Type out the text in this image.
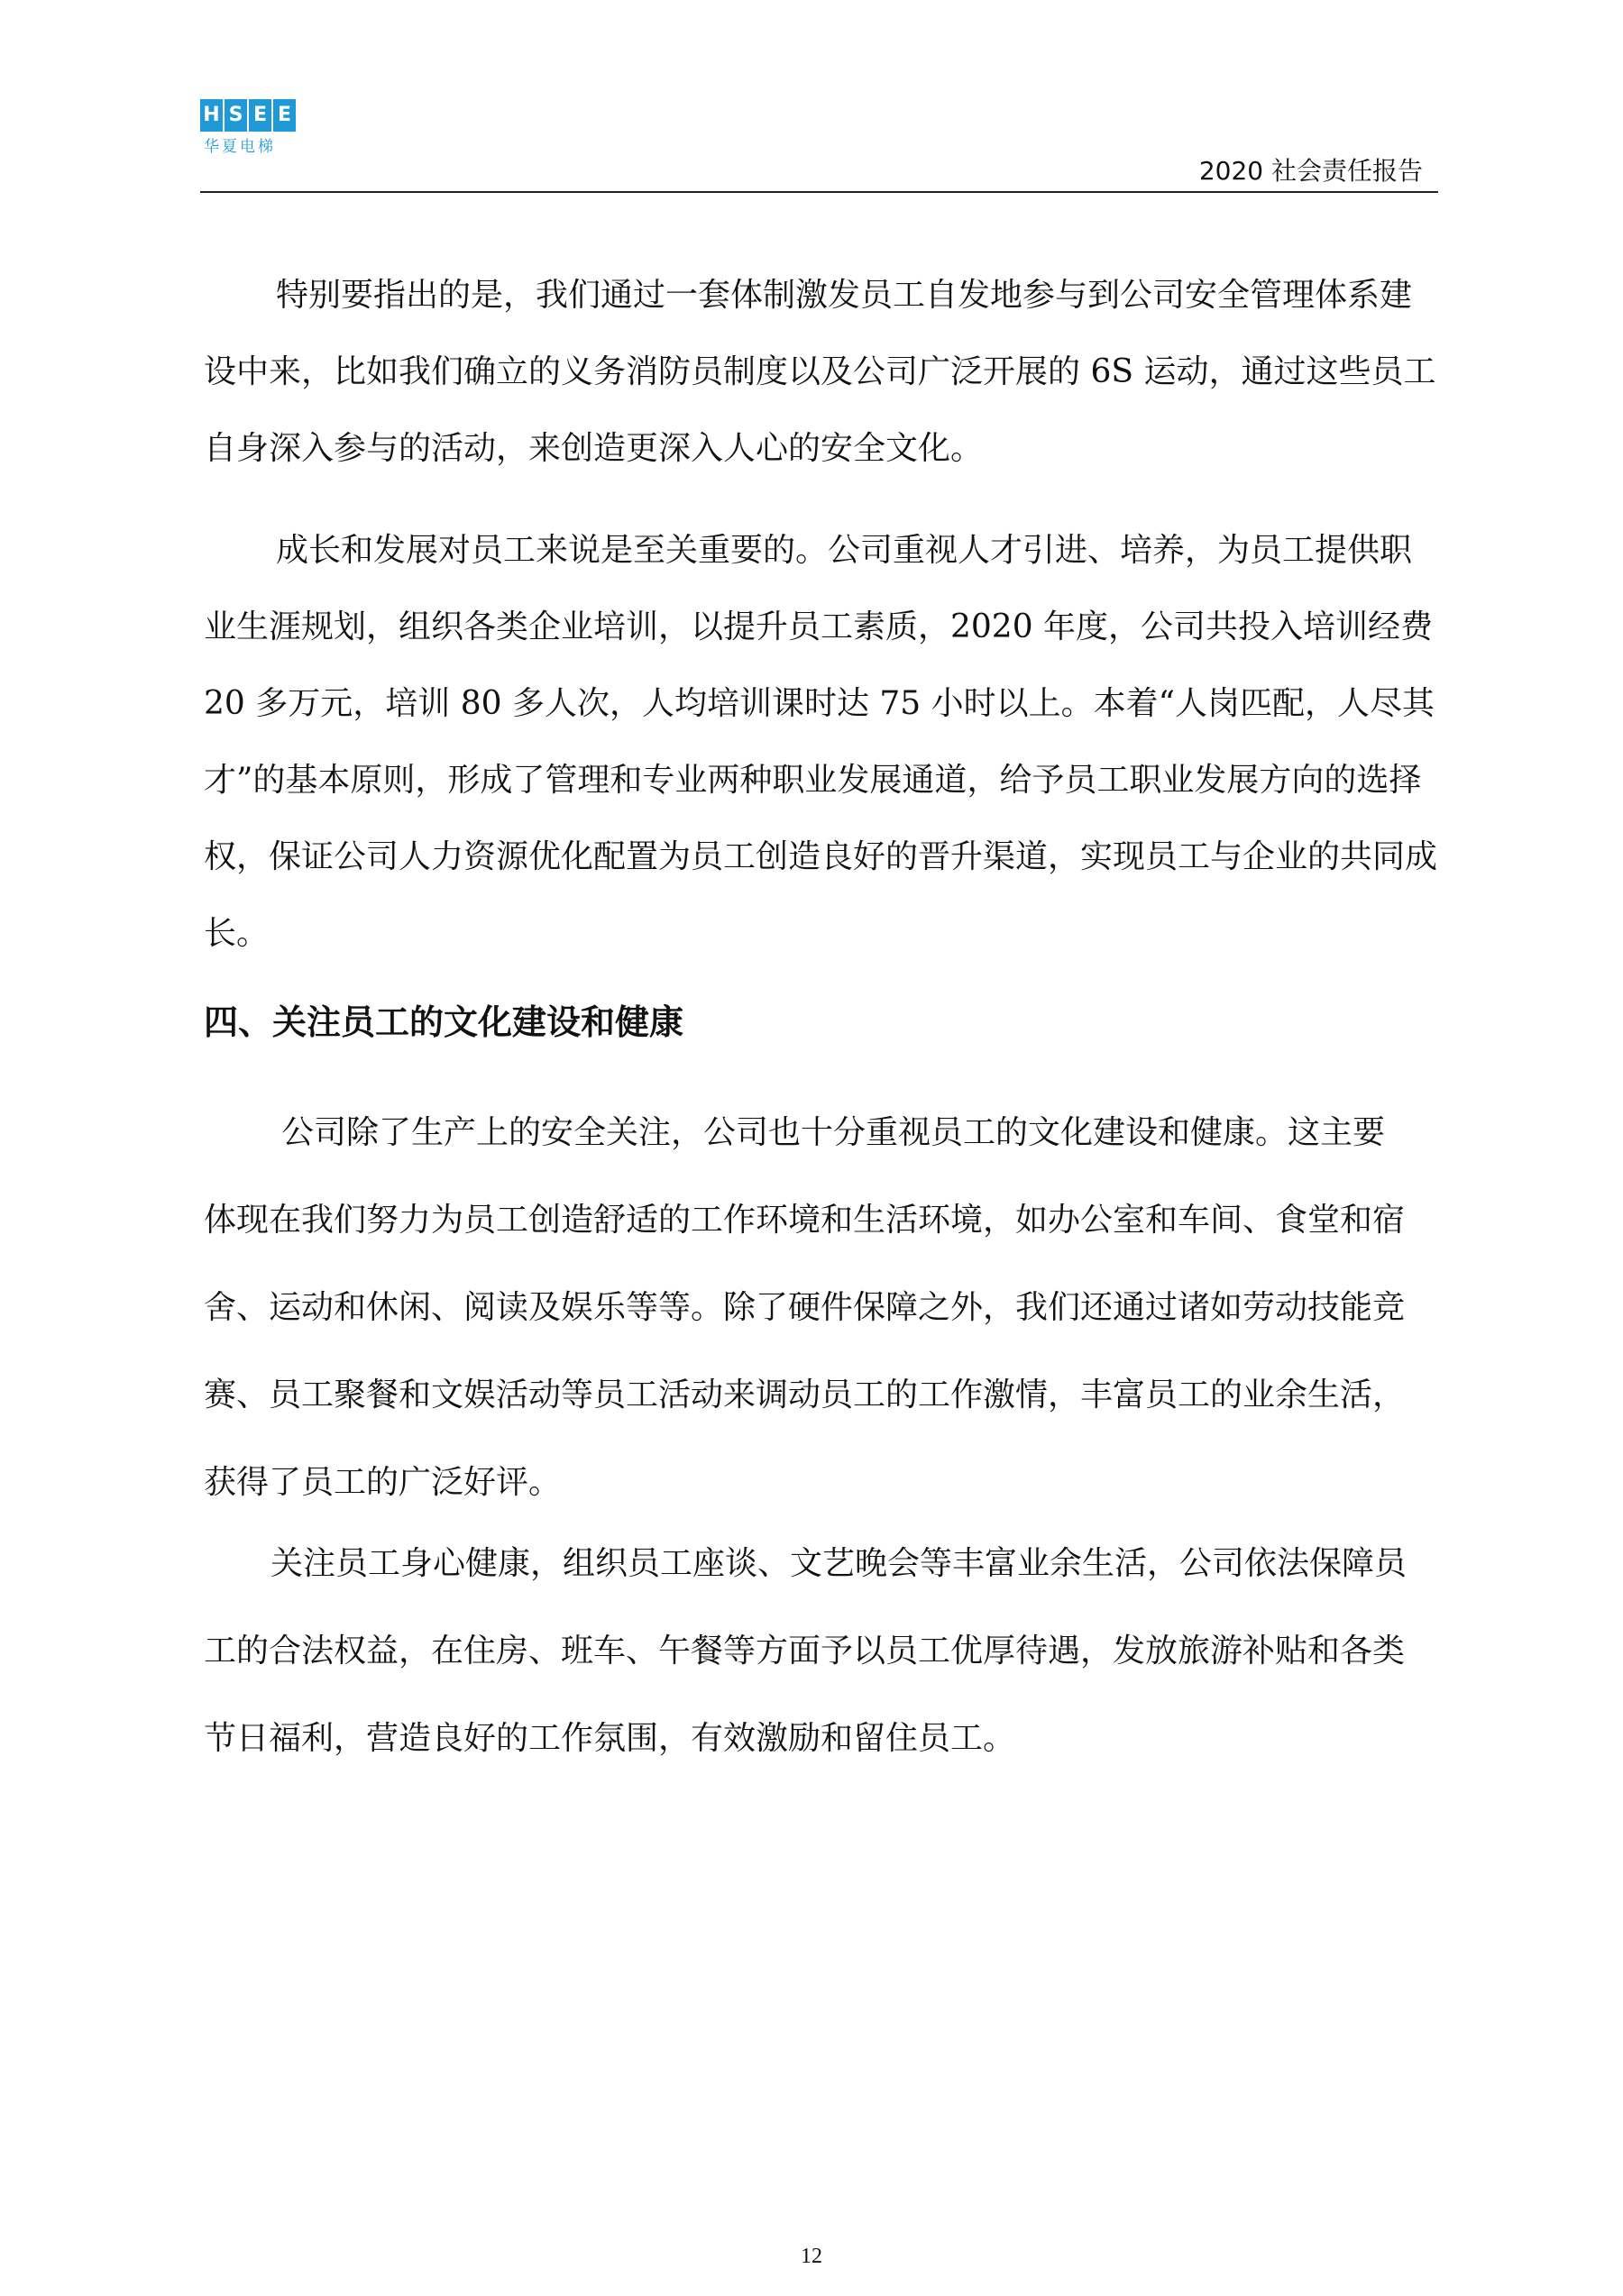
H S E E
华夏电梯
2020 社会责任报告

特别要指出的是，我们通过一套体制激发员工自发地参与到公司安全管理体系建设中来，比如我们确立的义务消防员制度以及公司广泛开展的 6S 运动，通过这些员工自身深入参与的活动，来创造更深入人心的安全文化。

成长和发展对员工来说是至关重要的。公司重视人才引进、培养，为员工提供职业生涯规划，组织各类企业培训，以提升员工素质，2020 年度，公司共投入培训经费 20 多万元，培训 80 多人次，人均培训课时达 75 小时以上。本着“人岗匹配，人尽其才”的基本原则，形成了管理和专业两种职业发展通道，给予员工职业发展方向的选择权，保证公司人力资源优化配置为员工创造良好的晋升渠道，实现员工与企业的共同成长。

四、关注员工的文化建设和健康

公司除了生产上的安全关注，公司也十分重视员工的文化建设和健康。这主要体现在我们努力为员工创造舒适的工作环境和生活环境，如办公室和车间、食堂和宿舍、运动和休闲、阅读及娱乐等等。除了硬件保障之外，我们还通过诸如劳动技能竞赛、员工聚餐和文娱活动等员工活动来调动员工的工作激情，丰富员工的业余生活，获得了员工的广泛好评。

关注员工身心健康，组织员工座谈、文艺晚会等丰富业余生活，公司依法保障员工的合法权益，在住房、班车、午餐等方面予以员工优厚待遇，发放旅游补贴和各类节日福利，营造良好的工作氛围，有效激励和留住员工。

12
